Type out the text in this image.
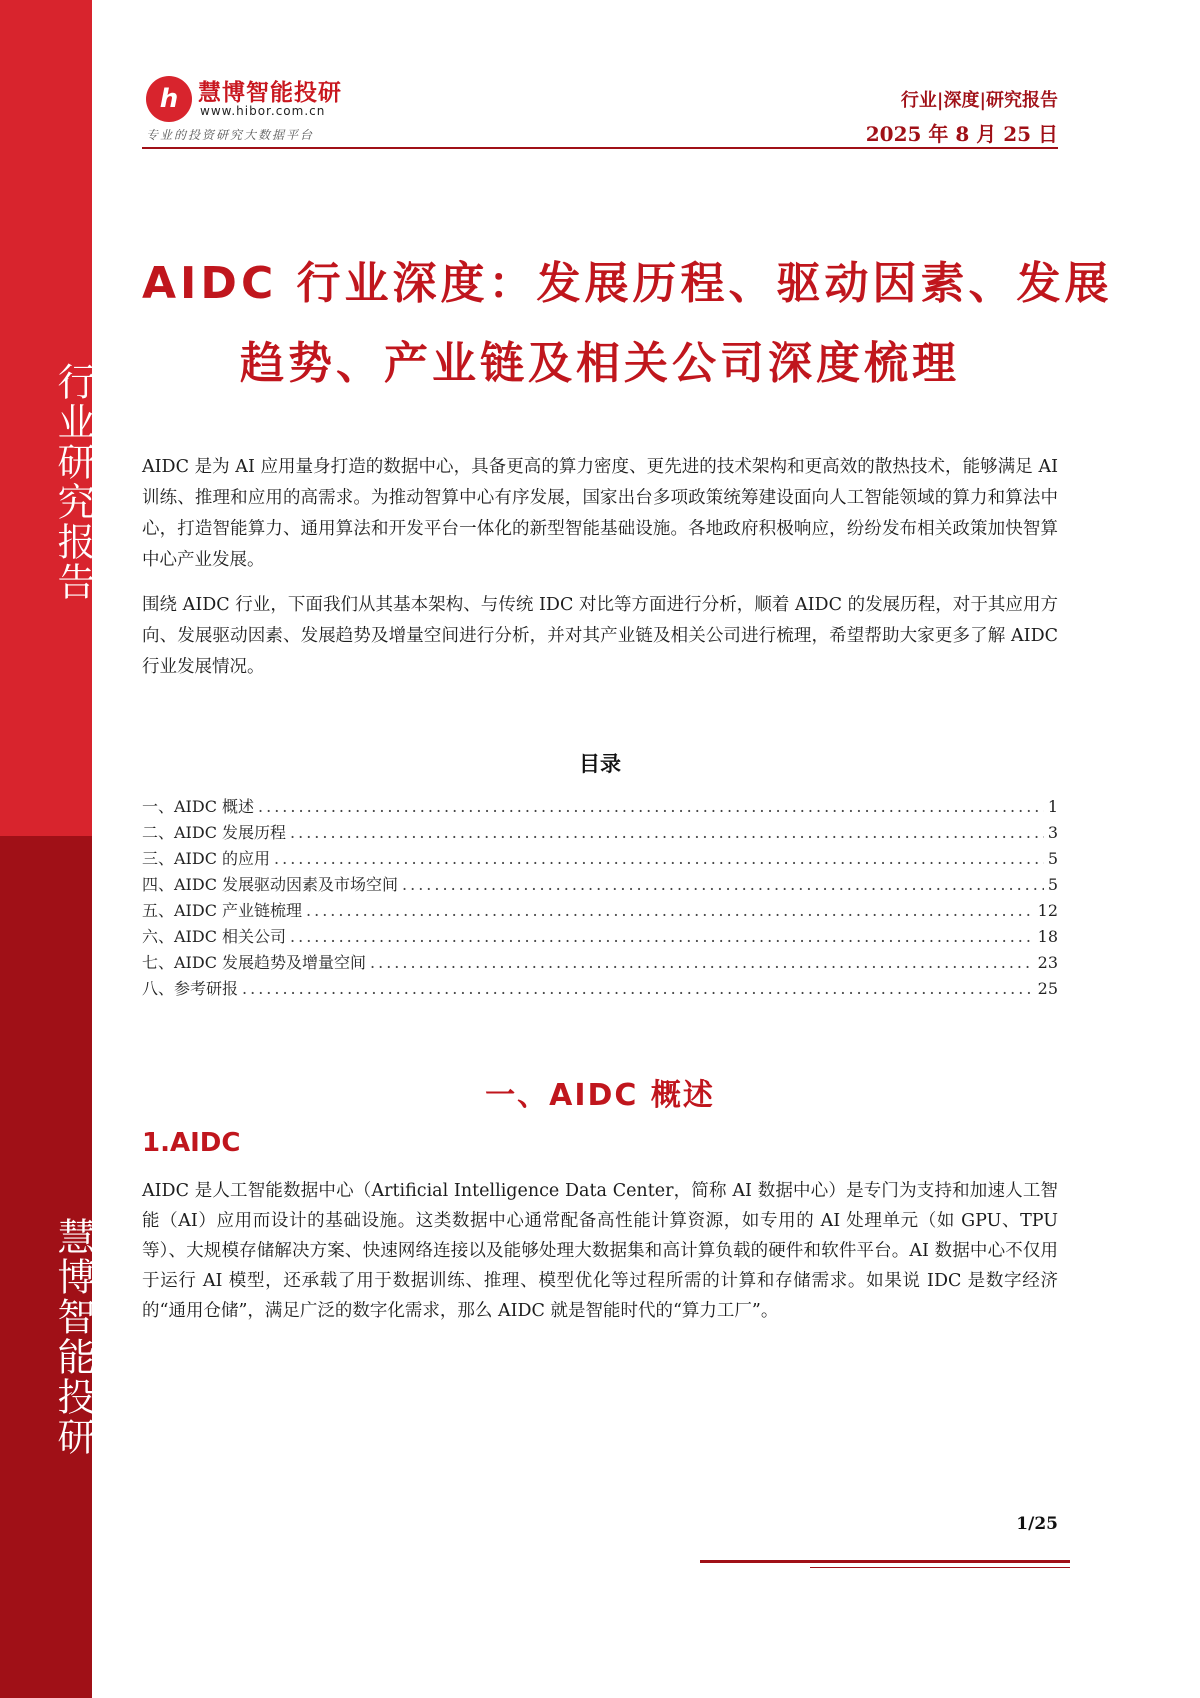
行业研究报告
慧博智能投研
h 慧博智能投研
www.hibor.com.cn
专业的投资研究大数据平台
行业|深度|研究报告
2025 年 8 月 25 日
AIDC 行业深度：发展历程、驱动因素、发展
趋势、产业链及相关公司深度梳理
AIDC 是为 AI 应用量身打造的数据中心，具备更高的算力密度、更先进的技术架构和更高效的散热技术，能够满足 AI 训练、推理和应用的高需求。为推动智算中心有序发展，国家出台多项政策统筹建设面向人工智能领域的算力和算法中心，打造智能算力、通用算法和开发平台一体化的新型智能基础设施。各地政府积极响应，纷纷发布相关政策加快智算中心产业发展。
围绕 AIDC 行业，下面我们从其基本架构、与传统 IDC 对比等方面进行分析，顺着 AIDC 的发展历程，对于其应用方向、发展驱动因素、发展趋势及增量空间进行分析，并对其产业链及相关公司进行梳理，希望帮助大家更多了解 AIDC 行业发展情况。
目录
一、AIDC 概述 .....	1
二、AIDC 发展历程 .....	3
三、AIDC 的应用 .....	5
四、AIDC 发展驱动因素及市场空间 .....	5
五、AIDC 产业链梳理 .....	12
六、AIDC 相关公司 .....	18
七、AIDC 发展趋势及增量空间 .....	23
八、参考研报 .....	25
一、AIDC 概述
1.AIDC
AIDC 是人工智能数据中心（Artificial Intelligence Data Center，简称 AI 数据中心）是专门为支持和加速人工智能（AI）应用而设计的基础设施。这类数据中心通常配备高性能计算资源，如专用的 AI 处理单元（如 GPU、TPU 等）、大规模存储解决方案、快速网络连接以及能够处理大数据集和高计算负载的硬件和软件平台。AI 数据中心不仅用于运行 AI 模型，还承载了用于数据训练、推理、模型优化等过程所需的计算和存储需求。如果说 IDC 是数字经济的“通用仓储”，满足广泛的数字化需求，那么 AIDC 就是智能时代的“算力工厂”。
1/25
